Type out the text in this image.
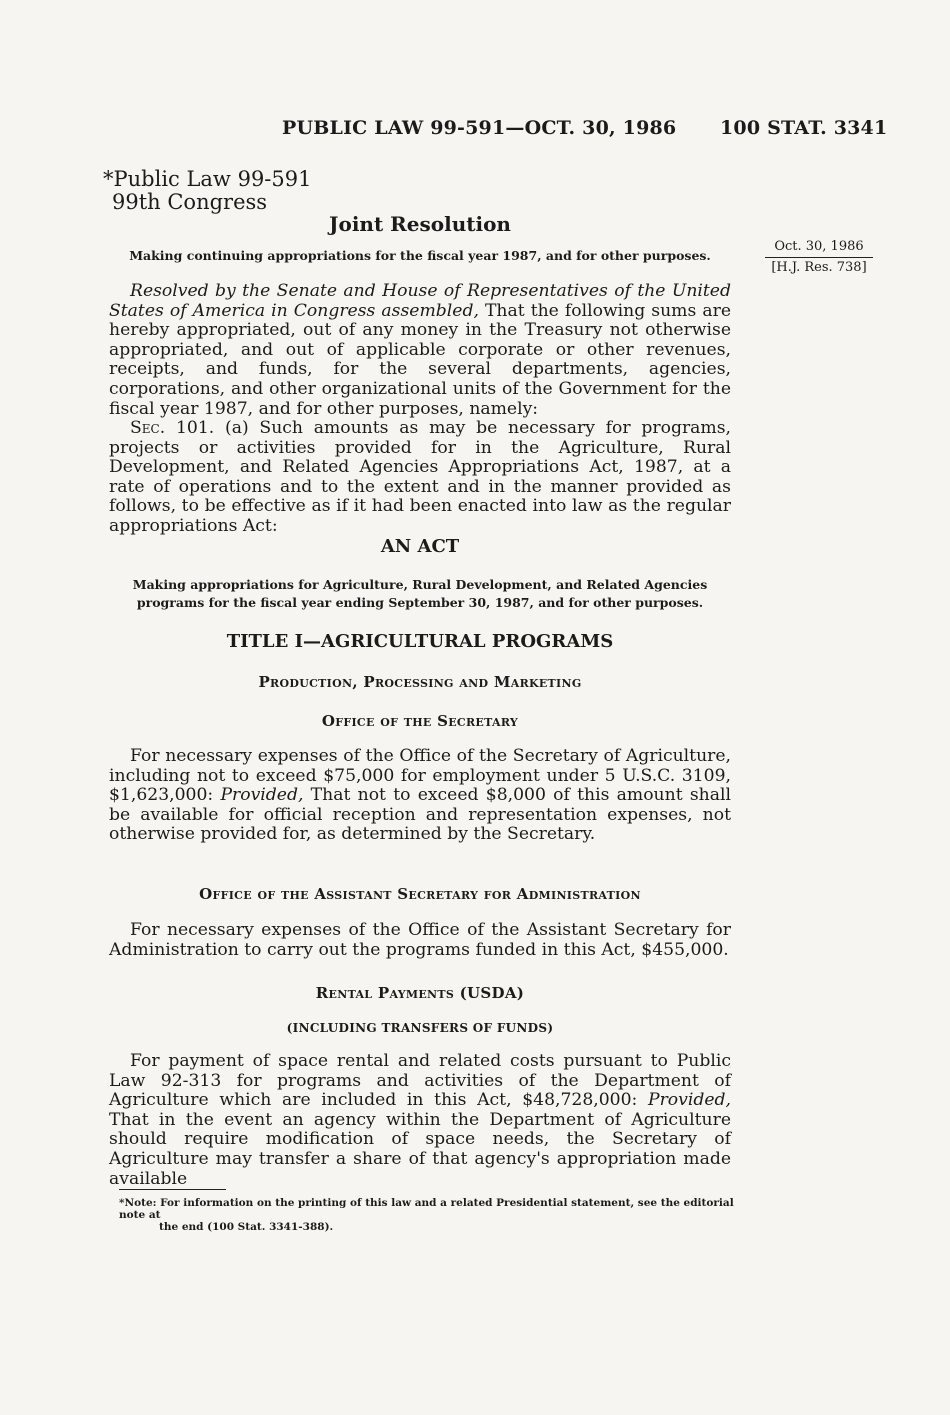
PUBLIC LAW 99-591—OCT. 30, 1986 100 STAT. 3341
*Public Law 99-591
99th Congress
Joint Resolution
Making continuing appropriations for the fiscal year 1987, and for other purposes.
Oct. 30, 1986
[H.J. Res. 738]

Resolved by the Senate and House of Representatives of the United States of America in Congress assembled, That the following sums are hereby appropriated, out of any money in the Treasury not otherwise appropriated, and out of applicable corporate or other revenues, receipts, and funds, for the several departments, agencies, corporations, and other organizational units of the Government for the fiscal year 1987, and for other purposes, namely:

Sec. 101. (a) Such amounts as may be necessary for programs, projects or activities provided for in the Agriculture, Rural Development, and Related Agencies Appropriations Act, 1987, at a rate of operations and to the extent and in the manner provided as follows, to be effective as if it had been enacted into law as the regular appropriations Act:

AN ACT
Making appropriations for Agriculture, Rural Development, and Related Agencies
programs for the fiscal year ending September 30, 1987, and for other purposes.
TITLE I—AGRICULTURAL PROGRAMS
Production, Processing and Marketing
Office of the Secretary

For necessary expenses of the Office of the Secretary of Agriculture, including not to exceed $75,000 for employment under 5 U.S.C. 3109, $1,623,000: Provided, That not to exceed $8,000 of this amount shall be available for official reception and representation expenses, not otherwise provided for, as determined by the Secretary.

Office of the Assistant Secretary for Administration

For necessary expenses of the Office of the Assistant Secretary for Administration to carry out the programs funded in this Act, $455,000.

Rental Payments (USDA)
(INCLUDING TRANSFERS OF FUNDS)

For payment of space rental and related costs pursuant to Public Law 92-313 for programs and activities of the Department of Agriculture which are included in this Act, $48,728,000: Provided, That in the event an agency within the Department of Agriculture should require modification of space needs, the Secretary of Agriculture may transfer a share of that agency's appropriation made available

*Note: For information on the printing of this law and a related Presidential statement, see the editorial note at
the end (100 Stat. 3341-388).
